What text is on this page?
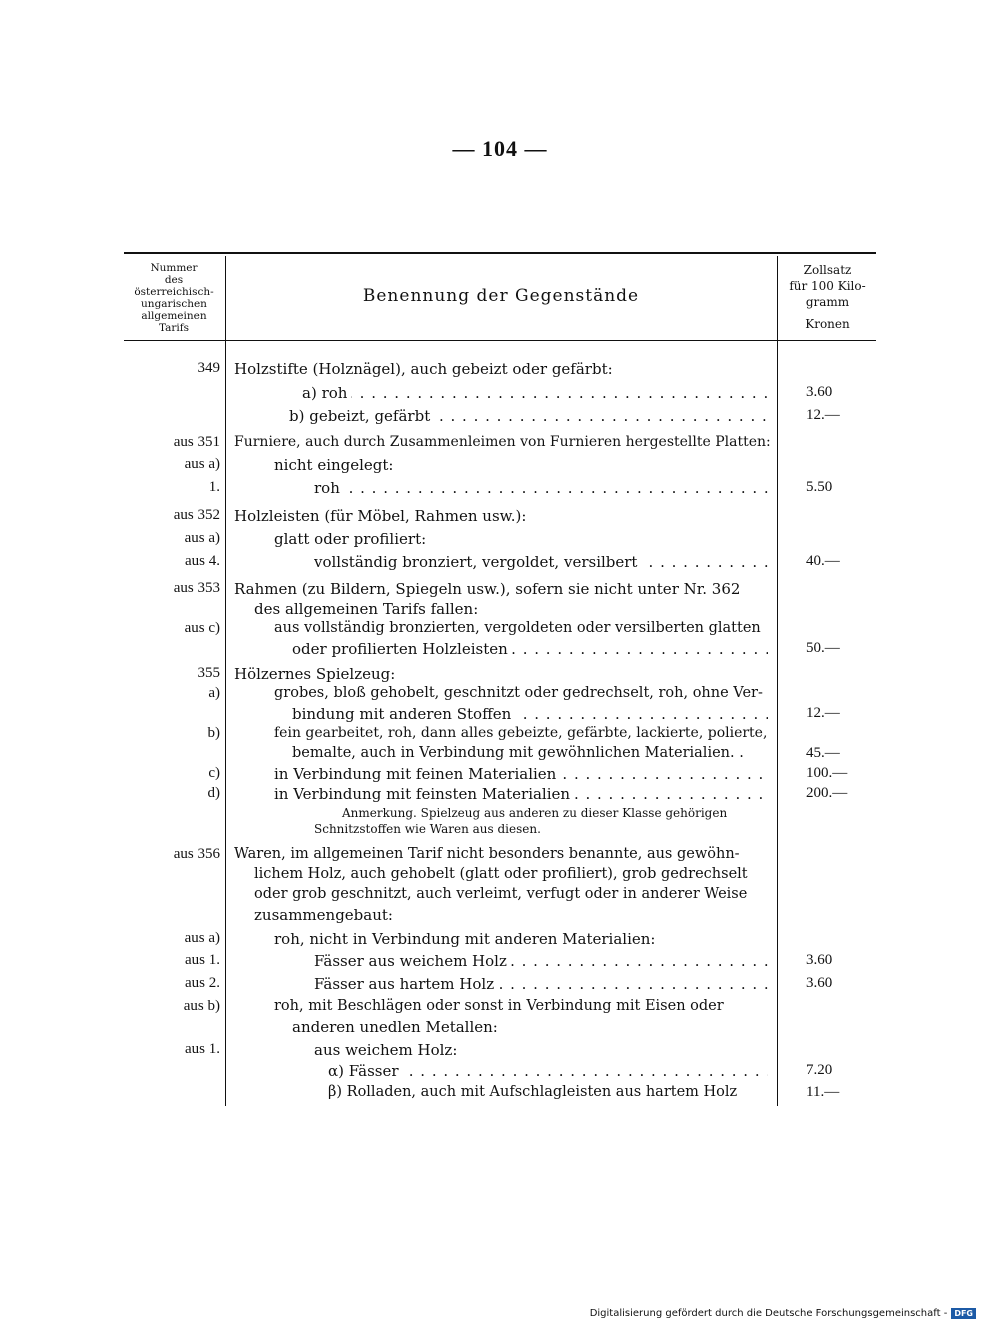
— 104 —
Nummer
des österreichisch-
ungarischen
allgemeinen
Tarifs
Benennung der Gegenstände
Zollsatz
für 100 Kilo-
gramm
Kronen
349 Holzstifte (Holznägel), auch gebeizt oder gefärbt:
a) roh . . .	3.60
b) gebeizt, gefärbt . . .	12.—
aus 351 Furniere, auch durch Zusammenleimen von Furnieren hergestellte Platten:
aus a)	nicht eingelegt:
1.	roh . . .	5.50
aus 352 Holzleisten (für Möbel, Rahmen usw.):
aus a)	glatt oder profiliert:
aus 4.	vollständig bronziert, vergoldet, versilbert . . .	40.—
aus 353 Rahmen (zu Bildern, Spiegeln usw.), sofern sie nicht unter Nr. 362
des allgemeinen Tarifs fallen:
aus c)	aus vollständig bronzierten, vergoldeten oder versilberten glatten
oder profilierten Holzleisten . . .	50.—
355 Hölzernes Spielzeug:
a)	grobes, bloß gehobelt, geschnitzt oder gedrechselt, roh, ohne Ver-
bindung mit anderen Stoffen . . .	12.—
b)	fein gearbeitet, roh, dann alles gebeizte, gefärbte, lackierte, polierte,
bemalte, auch in Verbindung mit gewöhnlichen Materialien. .	45.—
c)	in Verbindung mit feinen Materialien . . .	100.—
d)	in Verbindung mit feinsten Materialien . . .	200.—
Anmerkung. Spielzeug aus anderen zu dieser Klasse gehörigen
Schnitzstoffen wie Waren aus diesen.
aus 356 Waren, im allgemeinen Tarif nicht besonders benannte, aus gewöhn-
lichem Holz, auch gehobelt (glatt oder profiliert), grob gedrechselt
oder grob geschnitzt, auch verleimt, verfugt oder in anderer Weise
zusammengebaut:
aus a)	roh, nicht in Verbindung mit anderen Materialien:
aus 1.	Fässer aus weichem Holz . . .	3.60
aus 2.	Fässer aus hartem Holz . . .	3.60
aus b)	roh, mit Beschlägen oder sonst in Verbindung mit Eisen oder
anderen unedlen Metallen:
aus 1.	aus weichem Holz:
α) Fässer . . .	7.20
β) Rolladen, auch mit Aufschlagleisten aus hartem Holz	11.—
Digitalisierung gefördert durch die Deutsche Forschungsgemeinschaft - DFG
